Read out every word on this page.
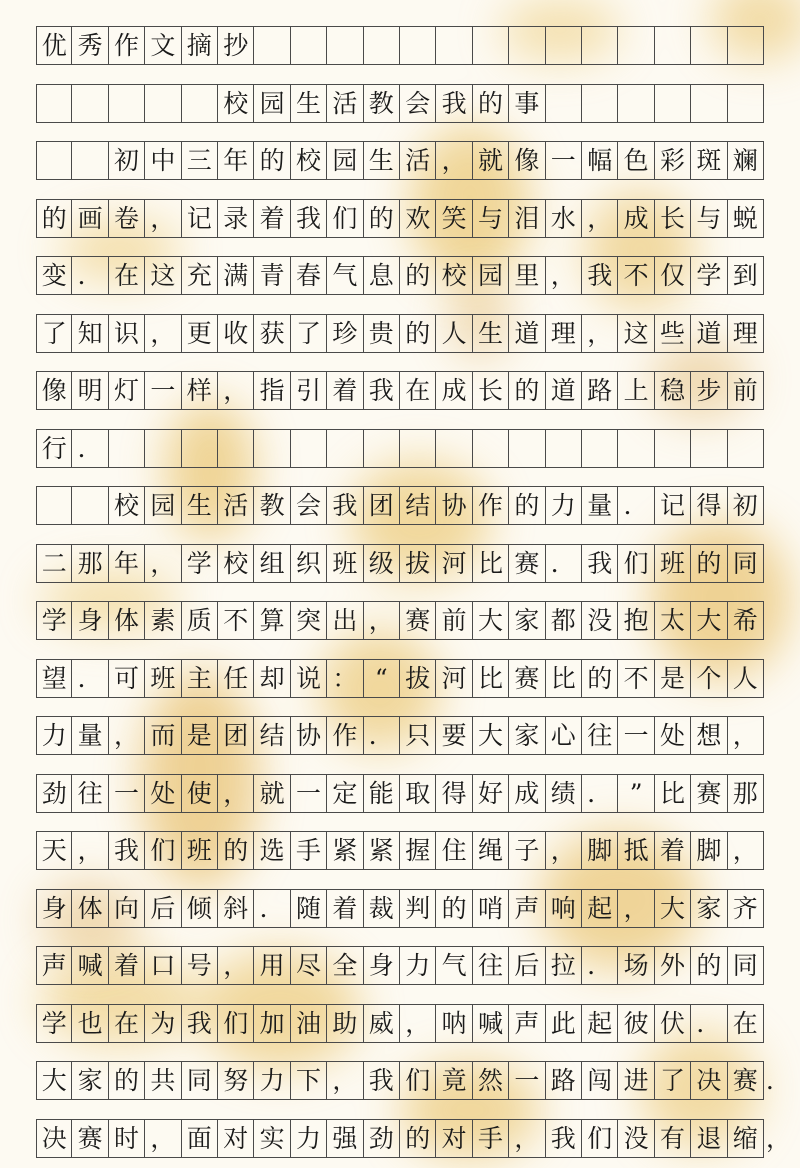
优 秀 作 文 摘 抄
校 园 生 活 教 会 我 的 事
初 中 三 年 的 校 园 生 活 ， 就 像 一 幅 色 彩 斑 斓
的 画 卷 ， 记 录 着 我 们 的 欢 笑 与 泪 水 ， 成 长 与 蜕
变 ． 在 这 充 满 青 春 气 息 的 校 园 里 ， 我 不 仅 学 到
了 知 识 ， 更 收 获 了 珍 贵 的 人 生 道 理 ， 这 些 道 理
像 明 灯 一 样 ， 指 引 着 我 在 成 长 的 道 路 上 稳 步 前
行 ．
校 园 生 活 教 会 我 团 结 协 作 的 力 量 ． 记 得 初
二 那 年 ， 学 校 组 织 班 级 拔 河 比 赛 ． 我 们 班 的 同
学 身 体 素 质 不 算 突 出 ， 赛 前 大 家 都 没 抱 太 大 希
望 ． 可 班 主 任 却 说 ： “ 拔 河 比 赛 比 的 不 是 个 人
力 量 ， 而 是 团 结 协 作 ． 只 要 大 家 心 往 一 处 想 ，
劲 往 一 处 使 ， 就 一 定 能 取 得 好 成 绩 ． ” 比 赛 那
天 ， 我 们 班 的 选 手 紧 紧 握 住 绳 子 ， 脚 抵 着 脚 ，
身 体 向 后 倾 斜 ． 随 着 裁 判 的 哨 声 响 起 ， 大 家 齐
声 喊 着 口 号 ， 用 尽 全 身 力 气 往 后 拉 ． 场 外 的 同
学 也 在 为 我 们 加 油 助 威 ， 呐 喊 声 此 起 彼 伏 ． 在
大 家 的 共 同 努 力 下 ， 我 们 竟 然 一 路 闯 进 了 决 赛 ．
决 赛 时 ， 面 对 实 力 强 劲 的 对 手 ， 我 们 没 有 退 缩 ，
